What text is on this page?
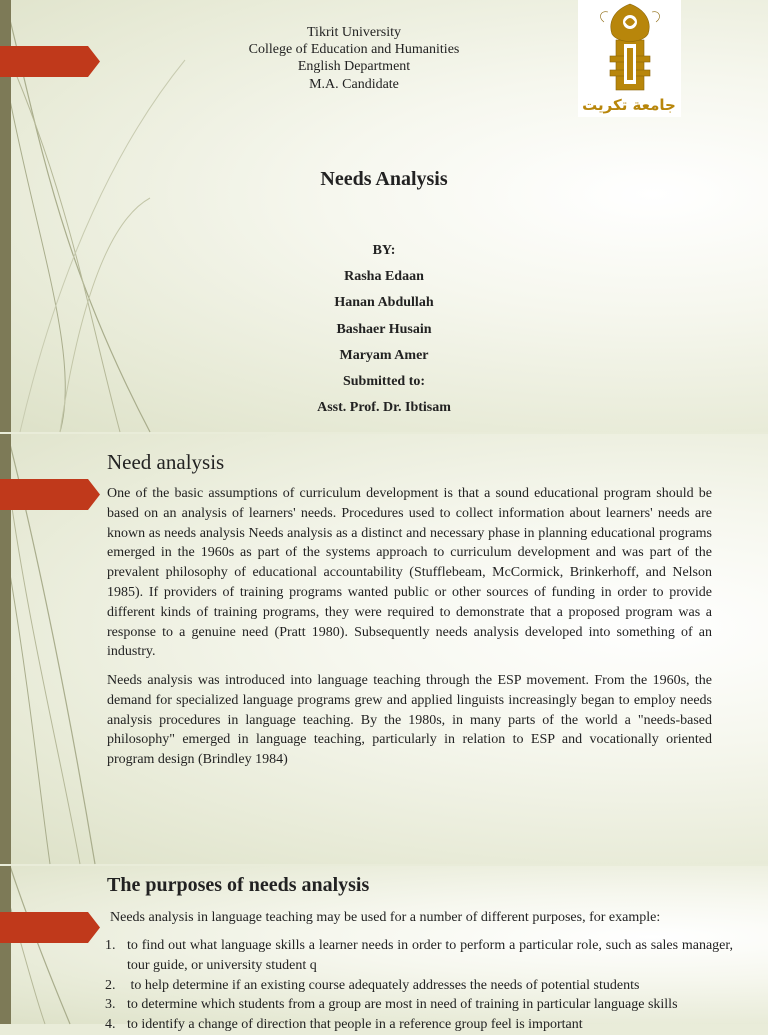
Tikrit University
College of Education and Humanities
English Department
M.A. Candidate
جامعة تكريت
Needs Analysis
BY:
Rasha Edaan
Hanan Abdullah
Bashaer Husain
Maryam Amer
Submitted to:
Asst. Prof. Dr. Ibtisam
Need analysis

One of the basic assumptions of curriculum development is that a sound educational program should be based on an analysis of learners' needs. Procedures used to collect information about learners' needs are known as needs analysis Needs analysis as a distinct and necessary phase in planning educational programs emerged in the 1960s as part of the systems approach to curriculum development and was part of the prevalent philosophy of educational accountability (Stufflebeam, McCormick, Brinkerhoff, and Nelson 1985). If providers of training programs wanted public or other sources of funding in order to provide different kinds of training programs, they were required to demonstrate that a proposed program was a response to a genuine need (Pratt 1980). Subsequently needs analysis developed into something of an industry.

Needs analysis was introduced into language teaching through the ESP movement. From the 1960s, the demand for specialized language programs grew and applied linguists increasingly began to employ needs analysis procedures in language teaching. By the 1980s, in many parts of the world a "needs-based philosophy" emerged in language teaching, particularly in relation to ESP and vocationally oriented program design (Brindley 1984)

The purposes of needs analysis
Needs analysis in language teaching may be used for a number of different purposes, for example:
1. to find out what language skills a learner needs in order to perform a particular role, such as sales manager, tour guide, or university student q
2. to help determine if an existing course adequately addresses the needs of potential students
3. to determine which students from a group are most in need of training in particular language skills
4. to identify a change of direction that people in a reference group feel is important
